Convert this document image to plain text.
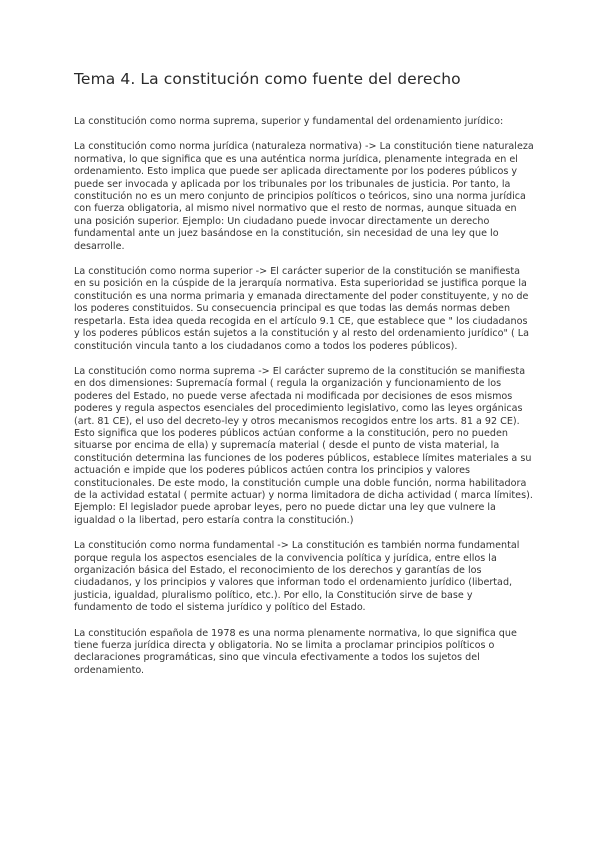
Tema 4. La constitución como fuente del derecho

La constitución como norma suprema, superior y fundamental del ordenamiento jurídico:

La constitución como norma jurídica (naturaleza normativa) -> La constitución tiene naturaleza normativa, lo que significa que es una auténtica norma jurídica, plenamente integrada en el ordenamiento. Esto implica que puede ser aplicada directamente por los poderes públicos y puede ser invocada y aplicada por los tribunales por los tribunales de justicia. Por tanto, la constitución no es un mero conjunto de principios políticos o teóricos, sino una norma jurídica con fuerza obligatoria, al mismo nivel normativo que el resto de normas, aunque situada en una posición superior. Ejemplo: Un ciudadano puede invocar directamente un derecho fundamental ante un juez basándose en la constitución, sin necesidad de una ley que lo desarrolle.

La constitución como norma superior -> El carácter superior de la constitución se manifiesta en su posición en la cúspide de la jerarquía normativa. Esta superioridad se justifica porque la constitución es una norma primaria y emanada directamente del poder constituyente, y no de los poderes constituidos. Su consecuencia principal es que todas las demás normas deben respetarla. Esta idea queda recogida en el artículo 9.1 CE, que establece que " los ciudadanos y los poderes públicos están sujetos a la constitución y al resto del ordenamiento jurídico" ( La constitución vincula tanto a los ciudadanos como a todos los poderes públicos).

La constitución como norma suprema -> El carácter supremo de la constitución se manifiesta en dos dimensiones: Supremacía formal ( regula la organización y funcionamiento de los poderes del Estado, no puede verse afectada ni modificada por decisiones de esos mismos poderes y regula aspectos esenciales del procedimiento legislativo, como las leyes orgánicas (art. 81 CE), el uso del decreto-ley y otros mecanismos recogidos entre los arts. 81 a 92 CE). Esto significa que los poderes públicos actúan conforme a la constitución, pero no pueden situarse por encima de ella) y supremacía material ( desde el punto de vista material, la constitución determina las funciones de los poderes públicos, establece límites materiales a su actuación e impide que los poderes públicos actúen contra los principios y valores constitucionales. De este modo, la constitución cumple una doble función, norma habilitadora de la actividad estatal ( permite actuar) y norma limitadora de dicha actividad ( marca límites). Ejemplo: El legislador puede aprobar leyes, pero no puede dictar una ley que vulnere la igualdad o la libertad, pero estaría contra la constitución.)

La constitución como norma fundamental -> La constitución es también norma fundamental porque regula los aspectos esenciales de la convivencia política y jurídica, entre ellos la organización básica del Estado, el reconocimiento de los derechos y garantías de los ciudadanos, y los principios y valores que informan todo el ordenamiento jurídico (libertad, justicia, igualdad, pluralismo político, etc.). Por ello, la Constitución sirve de base y fundamento de todo el sistema jurídico y político del Estado.

La constitución española de 1978 es una norma plenamente normativa, lo que significa que tiene fuerza jurídica directa y obligatoria. No se limita a proclamar principios políticos o declaraciones programáticas, sino que vincula efectivamente a todos los sujetos del ordenamiento.
